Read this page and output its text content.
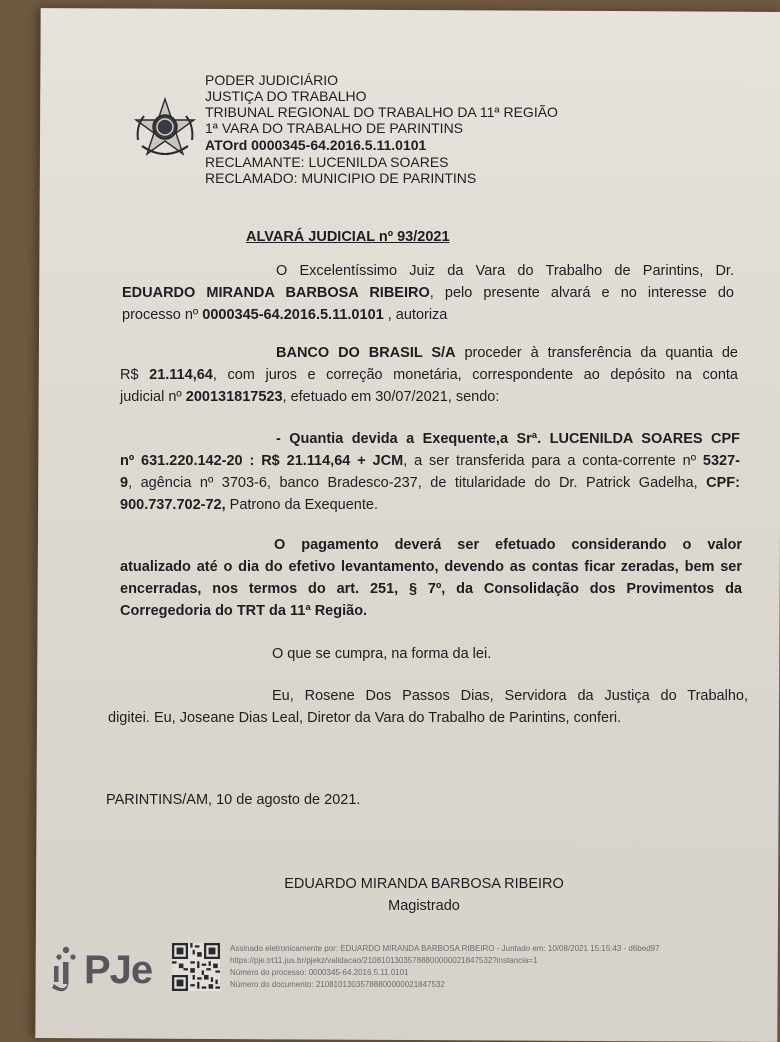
PODER JUDICIÁRIO
JUSTIÇA DO TRABALHO
TRIBUNAL REGIONAL DO TRABALHO DA 11ª REGIÃO
1ª VARA DO TRABALHO DE PARINTINS
ATOrd 0000345-64.2016.5.11.0101
RECLAMANTE: LUCENILDA SOARES
RECLAMADO: MUNICIPIO DE PARINTINS
ALVARÁ JUDICIAL nº 93/2021
O Excelentíssimo Juiz da Vara do Trabalho de Parintins, Dr.
EDUARDO MIRANDA BARBOSA RIBEIRO, pelo presente alvará e no interesse do
processo nº 0000345-64.2016.5.11.0101 , autoriza
BANCO DO BRASIL S/A proceder à transferência da quantia de
R$ 21.114,64, com juros e correção monetária, correspondente ao depósito na conta
judicial nº 200131817523, efetuado em 30/07/2021, sendo:
- Quantia devida a Exequente,a Srª. LUCENILDA SOARES CPF
nº 631.220.142-20 : R$ 21.114,64 + JCM, a ser transferida para a conta-corrente nº 5327-
9, agência nº 3703-6, banco Bradesco-237, de titularidade do Dr. Patrick Gadelha, CPF:
900.737.702-72, Patrono da Exequente.
O pagamento deverá ser efetuado considerando o valor
atualizado até o dia do efetivo levantamento, devendo as contas ficar zeradas, bem ser
encerradas, nos termos do art. 251, § 7º, da Consolidação dos Provimentos da
Corregedoria do TRT da 11ª Região.
O que se cumpra, na forma da lei.
Eu, Rosene Dos Passos Dias, Servidora da Justiça do Trabalho,
digitei. Eu, Joseane Dias Leal, Diretor da Vara do Trabalho de Parintins, conferi.
PARINTINS/AM, 10 de agosto de 2021.
EDUARDO MIRANDA BARBOSA RIBEIRO
Magistrado
PJe	Assinado eletronicamente por: EDUARDO MIRANDA BARBOSA RIBEIRO - Juntado em: 10/08/2021 15:15:43 - d6bed97
https://pje.trt11.jus.br/pjekz/validacao/21081013035788800000021847532?instancia=1
Número do processo: 0000345-64.2016.5.11.0101
Número do documento: 21081013035788800000021847532
